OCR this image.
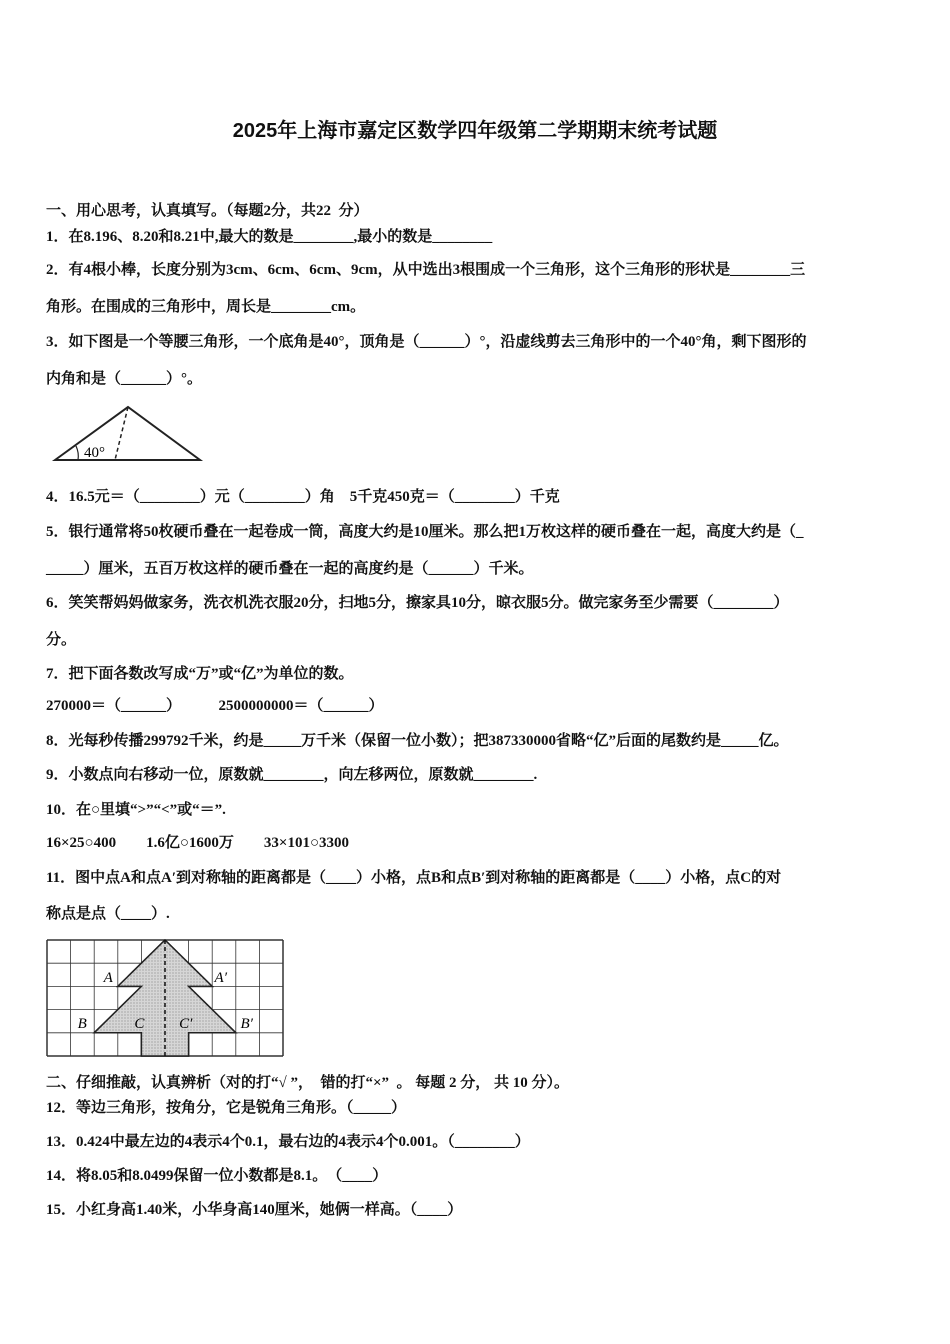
2025年上海市嘉定区数学四年级第二学期期末统考试题
一、用心思考，认真填写。（每题2分，共22  分）
1．在8.196、8.20和8.21中,最大的数是________,最小的数是________
2．有4根小棒，长度分别为3cm、6cm、6cm、9cm，从中选出3根围成一个三角形，这个三角形的形状是________三
角形。在围成的三角形中，周长是________cm。
3．如下图是一个等腰三角形，一个底角是40°，顶角是（______）°，沿虚线剪去三角形中的一个40°角，剩下图形的
内角和是（______）°。
40°
4．16.5元＝（________）元（________）角　5千克450克＝（________）千克
5．银行通常将50枚硬币叠在一起卷成一筒，高度大约是10厘米。那么把1万枚这样的硬币叠在一起，高度大约是（_
_____）厘米，五百万枚这样的硬币叠在一起的高度约是（______）千米。
6．笑笑帮妈妈做家务，洗衣机洗衣服20分，扫地5分，擦家具10分，晾衣服5分。做完家务至少需要（________）
分。
7．把下面各数改写成“万”或“亿”为单位的数。
270000＝（______）　　　2500000000＝（______）
8．光每秒传播299792千米，约是_____万千米（保留一位小数）；把387330000省略“亿”后面的尾数约是_____亿。
9．小数点向右移动一位，原数就________，向左移两位，原数就________.
10．在○里填“>”“<”或“＝”.
16×25○400　　1.6亿○1600万　　33×101○3300
11．图中点A和点A′到对称轴的距离都是（____）小格，点B和点B′到对称轴的距离都是（____）小格，点C的对
称点是点（____）.
A	A′
B	B′
C C′
二、仔细推敲，认真辨析（对的打“√ ”，  错的打“×”  。 每题 2 分， 共 10 分）。
12．等边三角形，按角分，它是锐角三角形。（_____）
13．0.424中最左边的4表示4个0.1，最右边的4表示4个0.001。（________）
14．将8.05和8.0499保留一位小数都是8.1。　（____）
15．小红身高1.40米，小华身高140厘米，她俩一样高。（____）
